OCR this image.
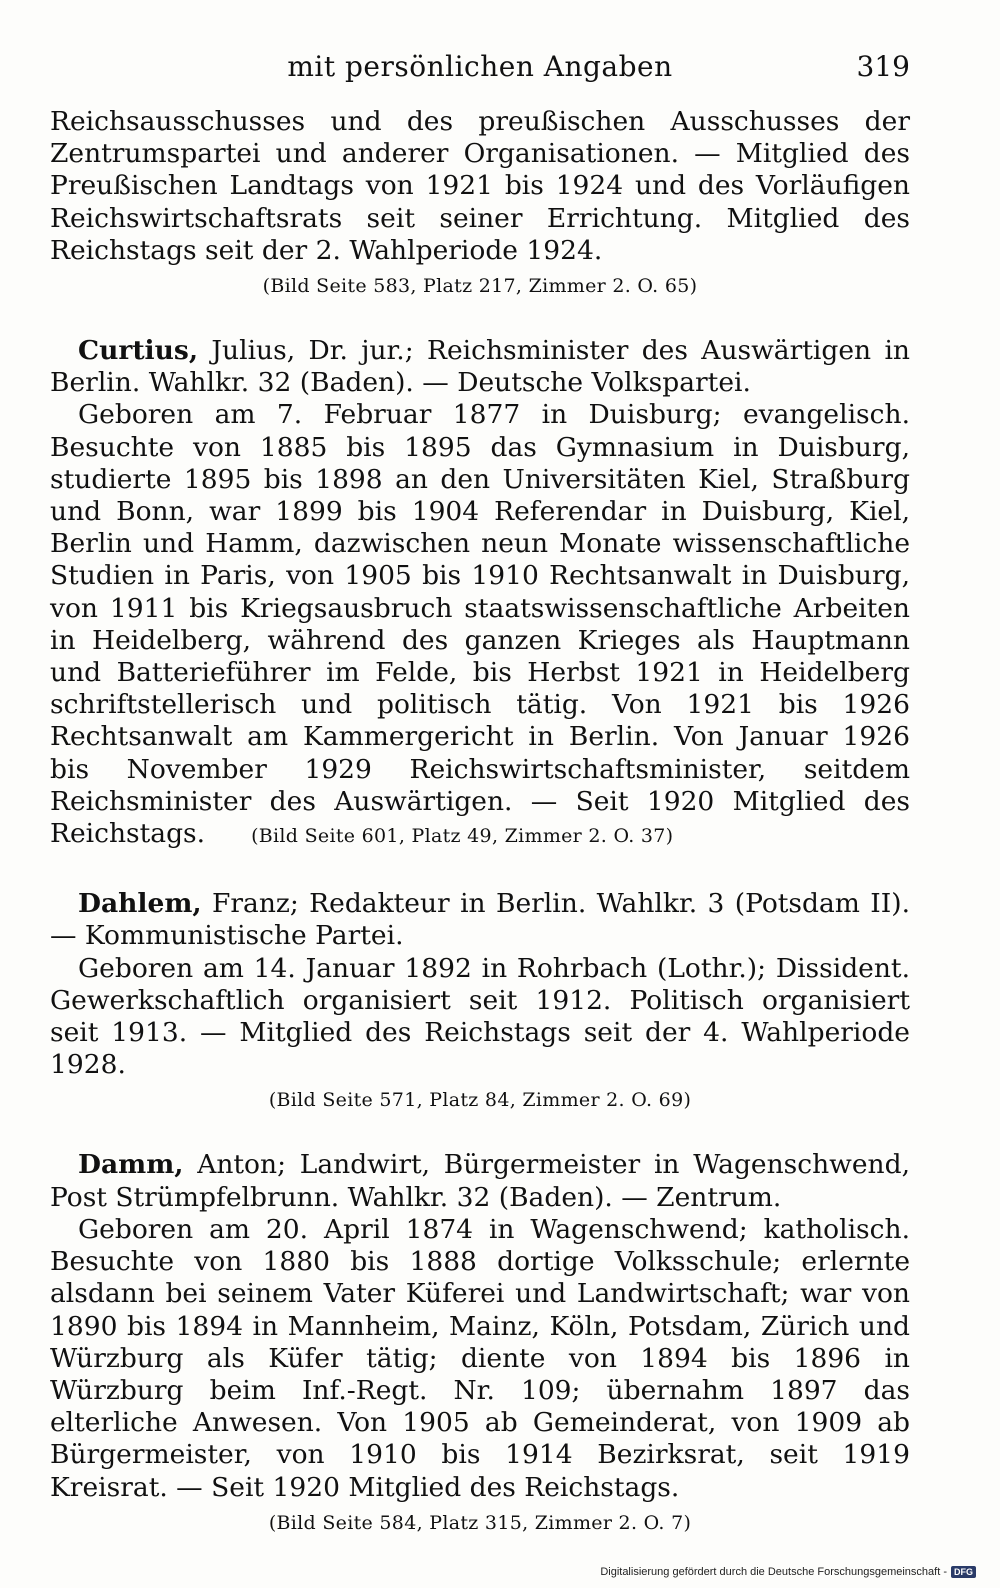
mit persönlichen Angaben	319

Reichsausschusses und des preußischen Ausschusses der Zentrumspartei und anderer Organisationen. — Mitglied des Preußischen Landtags von 1921 bis 1924 und des Vorläufigen Reichswirtschaftsrats seit seiner Errichtung. Mitglied des Reichstags seit der 2. Wahlperiode 1924.

(Bild Seite 583, Platz 217, Zimmer 2. O. 65)

Curtius, Julius, Dr. jur.; Reichsminister des Auswärtigen in Berlin. Wahlkr. 32 (Baden). — Deutsche Volkspartei.

Geboren am 7. Februar 1877 in Duisburg; evangelisch. Besuchte von 1885 bis 1895 das Gymnasium in Duisburg, studierte 1895 bis 1898 an den Universitäten Kiel, Straßburg und Bonn, war 1899 bis 1904 Referendar in Duisburg, Kiel, Berlin und Hamm, dazwischen neun Monate wissenschaftliche Studien in Paris, von 1905 bis 1910 Rechtsanwalt in Duisburg, von 1911 bis Kriegsausbruch staatswissenschaftliche Arbeiten in Heidelberg, während des ganzen Krieges als Hauptmann und Batterieführer im Felde, bis Herbst 1921 in Heidelberg schriftstellerisch und politisch tätig. Von 1921 bis 1926 Rechtsanwalt am Kammergericht in Berlin. Von Januar 1926 bis November 1929 Reichswirtschaftsminister, seitdem Reichsminister des Auswärtigen. — Seit 1920 Mitglied des Reichstags. (Bild Seite 601, Platz 49, Zimmer 2. O. 37)

Dahlem, Franz; Redakteur in Berlin. Wahlkr. 3 (Potsdam II). — Kommunistische Partei.

Geboren am 14. Januar 1892 in Rohrbach (Lothr.); Dissident. Gewerkschaftlich organisiert seit 1912. Politisch organisiert seit 1913. — Mitglied des Reichstags seit der 4. Wahlperiode 1928.

(Bild Seite 571, Platz 84, Zimmer 2. O. 69)

Damm, Anton; Landwirt, Bürgermeister in Wagenschwend, Post Strümpfelbrunn. Wahlkr. 32 (Baden). — Zentrum.

Geboren am 20. April 1874 in Wagenschwend; katholisch. Besuchte von 1880 bis 1888 dortige Volksschule; erlernte alsdann bei seinem Vater Küferei und Landwirtschaft; war von 1890 bis 1894 in Mannheim, Mainz, Köln, Potsdam, Zürich und Würzburg als Küfer tätig; diente von 1894 bis 1896 in Würzburg beim Inf.-Regt. Nr. 109; übernahm 1897 das elterliche Anwesen. Von 1905 ab Gemeinderat, von 1909 ab Bürgermeister, von 1910 bis 1914 Bezirksrat, seit 1919 Kreisrat. — Seit 1920 Mitglied des Reichstags.

(Bild Seite 584, Platz 315, Zimmer 2. O. 7)

Digitalisierung gefördert durch die Deutsche Forschungsgemeinschaft - DFG
